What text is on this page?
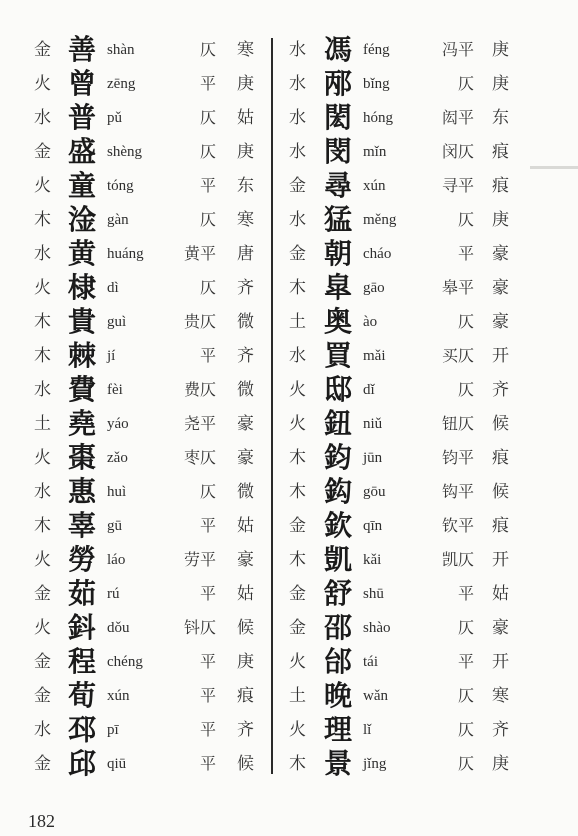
金 善 shàn	仄 寒
火 曾 zēng	平 庚
水 普 pǔ	仄 姑
金 盛 shèng	仄 庚
火 童 tóng	平 东
木 淦 gàn	仄 寒
水 黄 huáng	黄平 唐
火 棣 dì	仄 齐
木 貴 guì	贵仄 微
木 棘 jí	平 齐
水 費 fèi	费仄 微
土 堯 yáo	尧平 豪
火 棗 zǎo	枣仄 豪
水 惠 huì	仄 微
木 辜 gū	平 姑
火 勞 láo	劳平 豪
金 茹 rú	平 姑
火 鈄 dǒu	钭仄 候
金 程 chéng	平 庚
金 荀 xún	平 痕
水 邳 pī	平 齐
金 邱 qiū	平 候
水 馮 féng	冯平 庚
水 邴 bǐng	仄 庚
水 閎 hóng	闳平 东
水 閔 mǐn	闵仄 痕
金 尋 xún	寻平 痕
水 猛 měng	仄 庚
金 朝 cháo	平 豪
木 皐 gāo	皋平 豪
土 奥 ào	仄 豪
水 買 mǎi	买仄 开
火 邸 dǐ	仄 齐
火 鈕 niǔ	钮仄 候
木 鈞 jūn	钧平 痕
木 鈎 gōu	钩平 候
金 欽 qīn	钦平 痕
木 凱 kǎi	凯仄 开
金 舒 shū	平 姑
金 邵 shào	仄 豪
火 邰 tái	平 开
土 晚 wǎn	仄 寒
火 理 lǐ	仄 齐
木 景 jǐng	仄 庚
182
